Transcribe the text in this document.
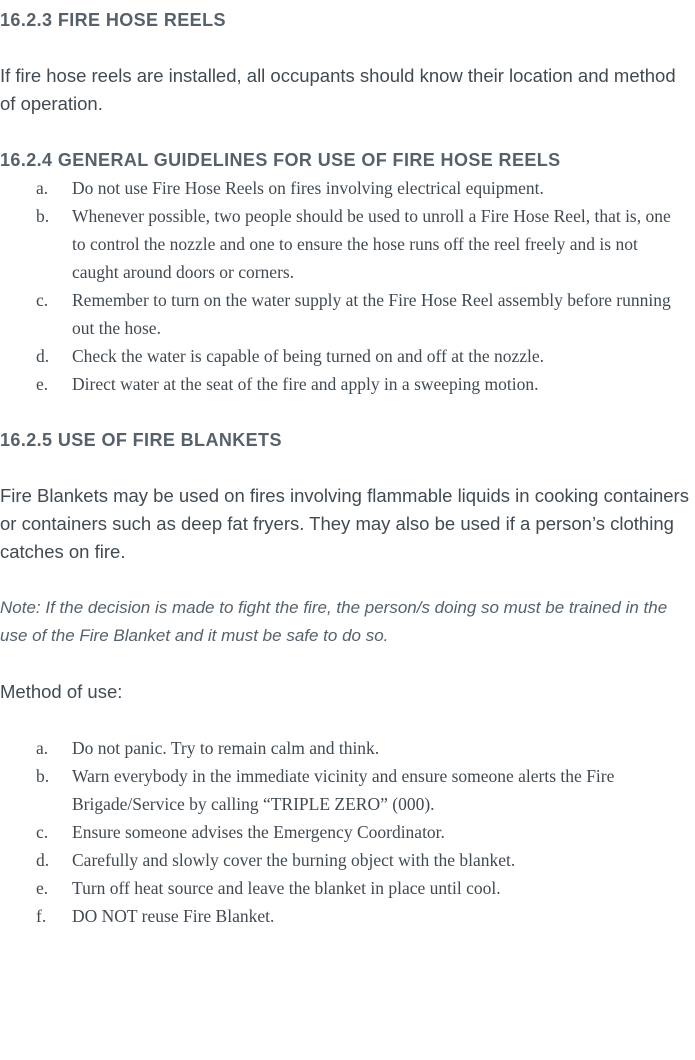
16.2.3 FIRE HOSE REELS

If fire hose reels are installed, all occupants should know their location and method of operation.

16.2.4 GENERAL GUIDELINES FOR USE OF FIRE HOSE REELS
a. Do not use Fire Hose Reels on fires involving electrical equipment.
b. Whenever possible, two people should be used to unroll a Fire Hose Reel, that is, one to control the nozzle and one to ensure the hose runs off the reel freely and is not caught around doors or corners.
c. Remember to turn on the water supply at the Fire Hose Reel assembly before running out the hose.
d. Check the water is capable of being turned on and off at the nozzle.
e. Direct water at the seat of the fire and apply in a sweeping motion.
16.2.5 USE OF FIRE BLANKETS

Fire Blankets may be used on fires involving flammable liquids in cooking containers or containers such as deep fat fryers. They may also be used if a person’s clothing catches on fire.

Note: If the decision is made to fight the fire, the person/s doing so must be trained in the use of the Fire Blanket and it must be safe to do so.

Method of use:

a. Do not panic. Try to remain calm and think.
b. Warn everybody in the immediate vicinity and ensure someone alerts the Fire Brigade/Service by calling “TRIPLE ZERO” (000).
c. Ensure someone advises the Emergency Coordinator.
d. Carefully and slowly cover the burning object with the blanket.
e. Turn off heat source and leave the blanket in place until cool.
f. DO NOT reuse Fire Blanket.
